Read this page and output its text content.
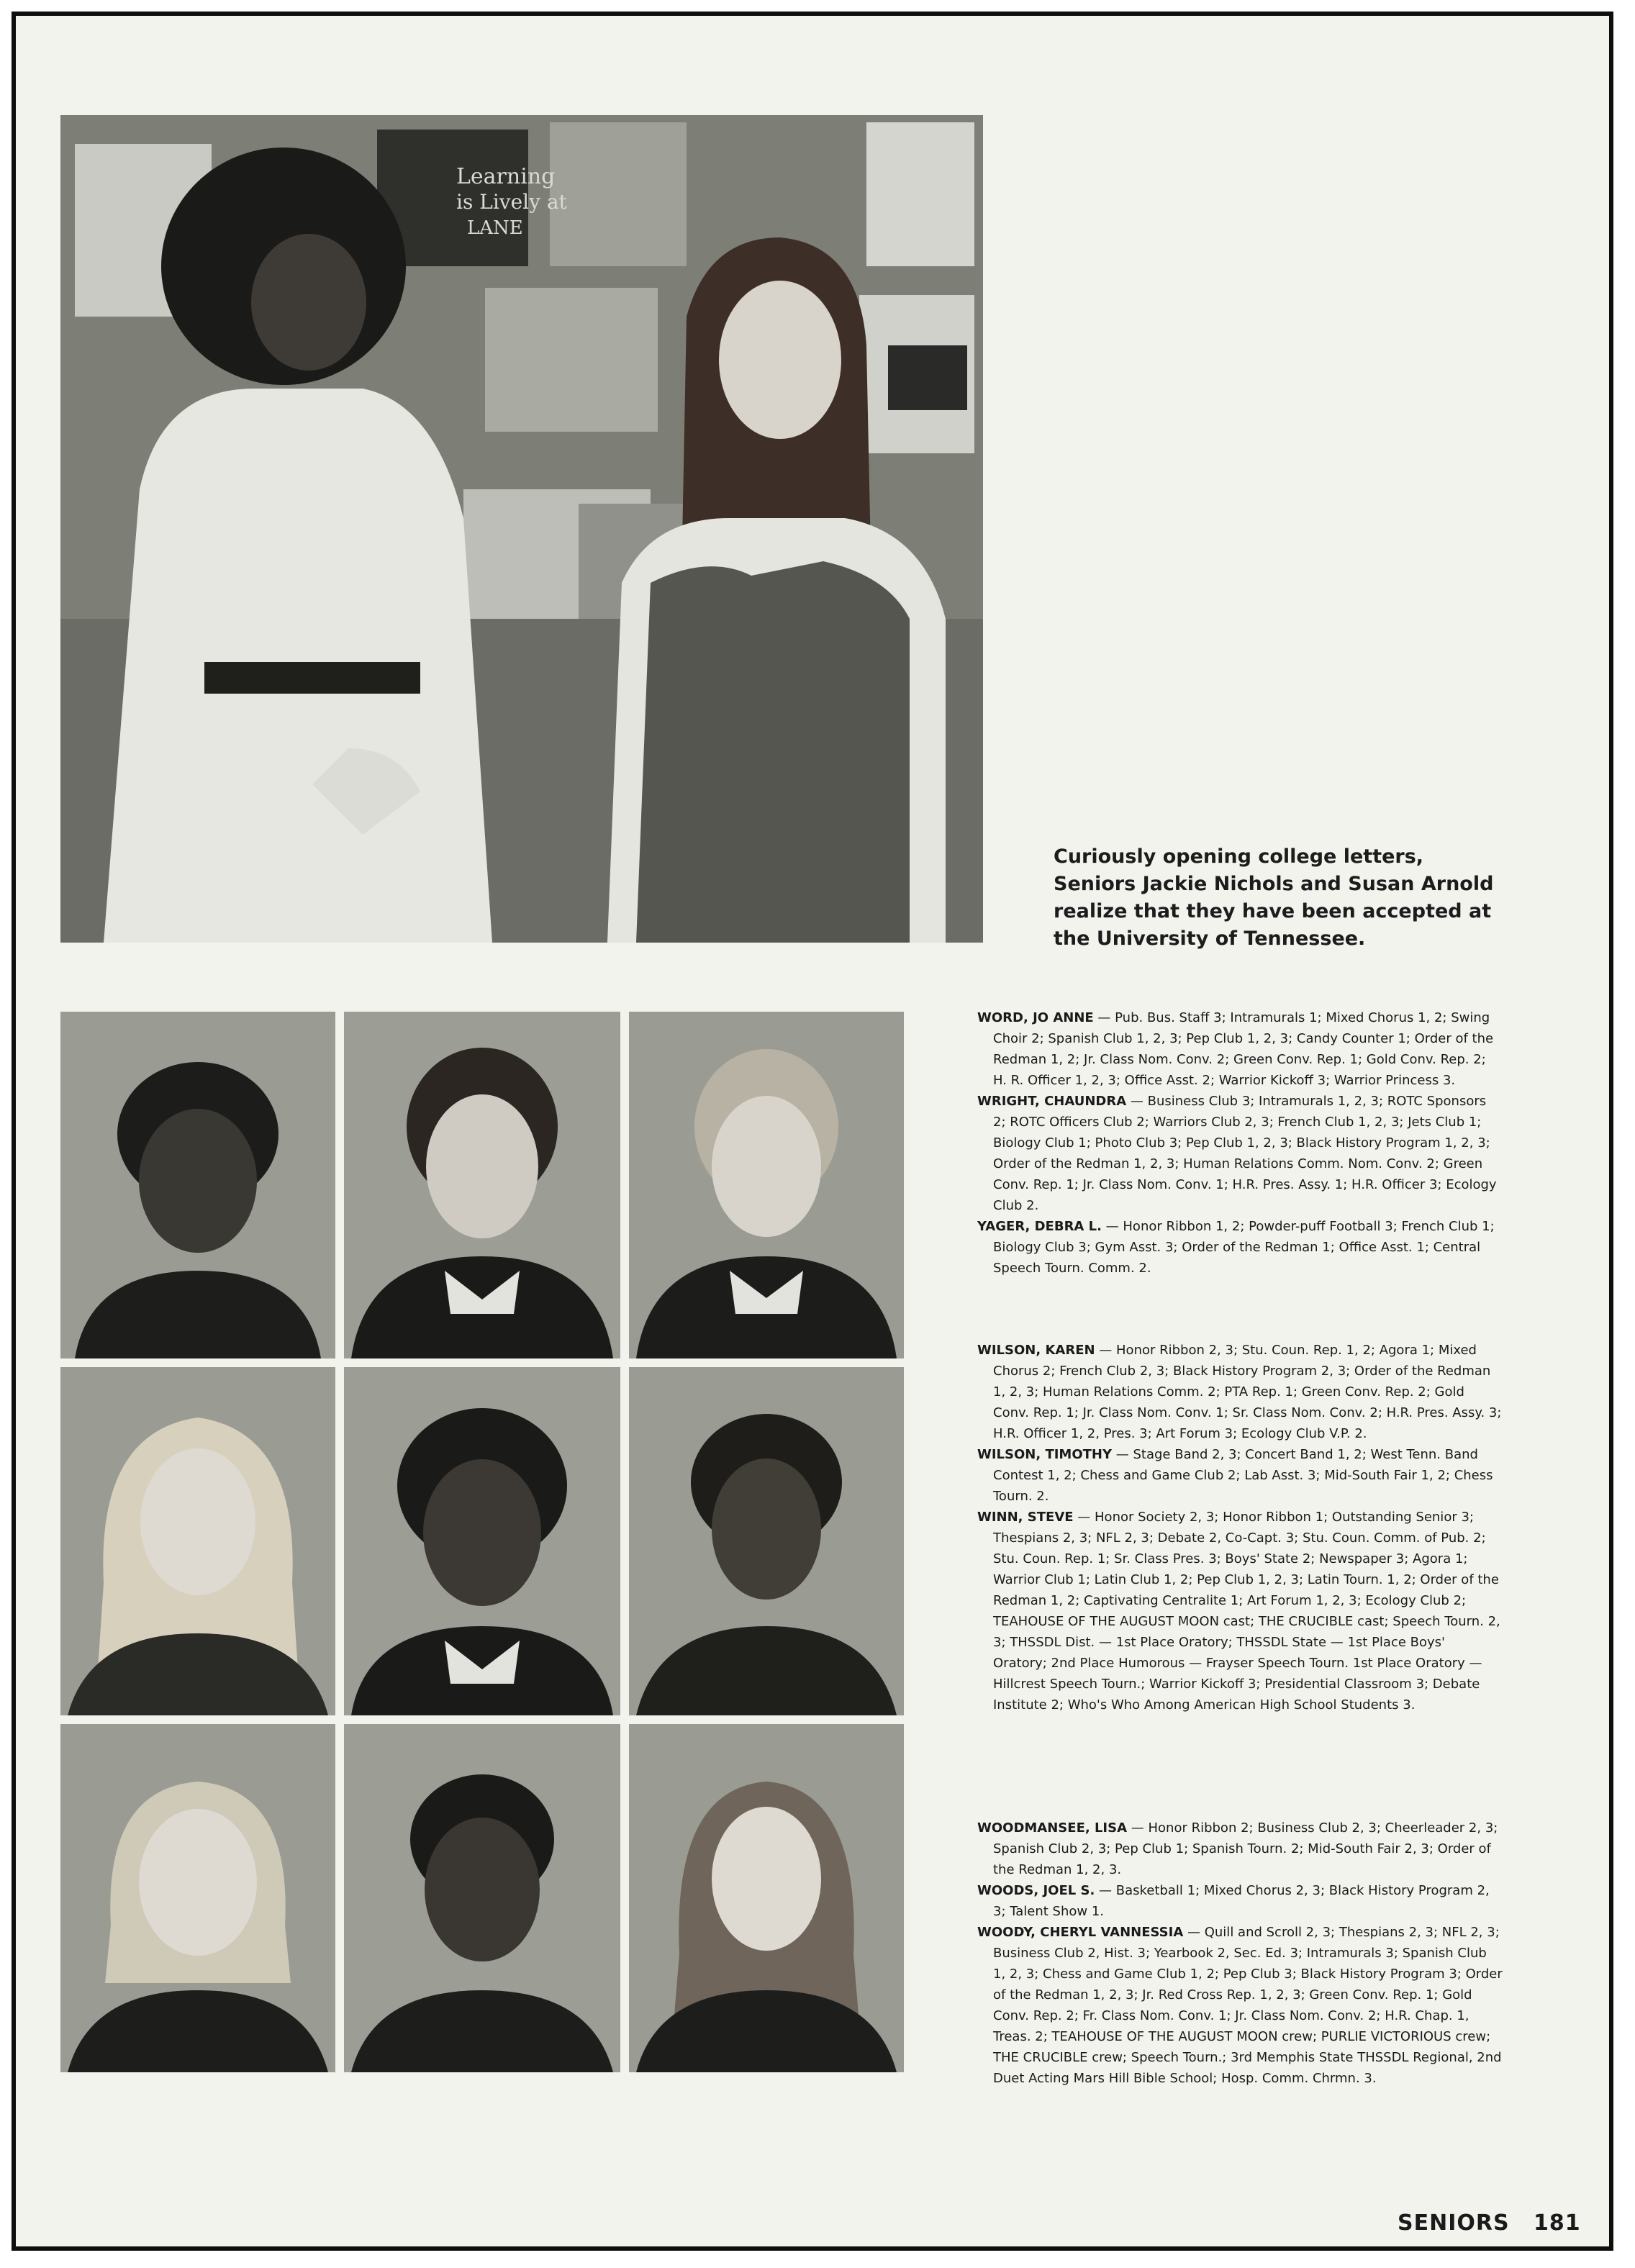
Learning
is Lively at
LANE

Curiously opening college letters, Seniors Jackie Nichols and Susan Arnold realize that they have been accepted at the University of Tennessee.

WORD, JO ANNE — Pub. Bus. Staff 3; Intramurals 1; Mixed Chorus 1, 2; Swing Choir 2; Spanish Club 1, 2, 3; Pep Club 1, 2, 3; Candy Counter 1; Order of the Redman 1, 2; Jr. Class Nom. Conv. 2; Green Conv. Rep. 1; Gold Conv. Rep. 2; H. R. Officer 1, 2, 3; Office Asst. 2; Warrior Kickoff 3; Warrior Princess 3.

WRIGHT, CHAUNDRA — Business Club 3; Intramurals 1, 2, 3; ROTC Sponsors 2; ROTC Officers Club 2; Warriors Club 2, 3; French Club 1, 2, 3; Jets Club 1; Biology Club 1; Photo Club 3; Pep Club 1, 2, 3; Black History Program 1, 2, 3; Order of the Redman 1, 2, 3; Human Relations Comm. Nom. Conv. 2; Green Conv. Rep. 1; Jr. Class Nom. Conv. 1; H.R. Pres. Assy. 1; H.R. Officer 3; Ecology Club 2.

YAGER, DEBRA L. — Honor Ribbon 1, 2; Powder-puff Football 3; French Club 1; Biology Club 3; Gym Asst. 3; Order of the Redman 1; Office Asst. 1; Central Speech Tourn. Comm. 2.

WILSON, KAREN — Honor Ribbon 2, 3; Stu. Coun. Rep. 1, 2; Agora 1; Mixed Chorus 2; French Club 2, 3; Black History Program 2, 3; Order of the Redman 1, 2, 3; Human Relations Comm. 2; PTA Rep. 1; Green Conv. Rep. 2; Gold Conv. Rep. 1; Jr. Class Nom. Conv. 1; Sr. Class Nom. Conv. 2; H.R. Pres. Assy. 3; H.R. Officer 1, 2, Pres. 3; Art Forum 3; Ecology Club V.P. 2.

WILSON, TIMOTHY — Stage Band 2, 3; Concert Band 1, 2; West Tenn. Band Contest 1, 2; Chess and Game Club 2; Lab Asst. 3; Mid-South Fair 1, 2; Chess Tourn. 2.

WINN, STEVE — Honor Society 2, 3; Honor Ribbon 1; Outstanding Senior 3; Thespians 2, 3; NFL 2, 3; Debate 2, Co-Capt. 3; Stu. Coun. Comm. of Pub. 2; Stu. Coun. Rep. 1; Sr. Class Pres. 3; Boys' State 2; Newspaper 3; Agora 1; Warrior Club 1; Latin Club 1, 2; Pep Club 1, 2, 3; Latin Tourn. 1, 2; Order of the Redman 1, 2; Captivating Centralite 1; Art Forum 1, 2, 3; Ecology Club 2; TEAHOUSE OF THE AUGUST MOON cast; THE CRUCIBLE cast; Speech Tourn. 2, 3; THSSDL Dist. — 1st Place Oratory; THSSDL State — 1st Place Boys' Oratory; 2nd Place Humorous — Frayser Speech Tourn. 1st Place Oratory — Hillcrest Speech Tourn.; Warrior Kickoff 3; Presidential Classroom 3; Debate Institute 2; Who's Who Among American High School Students 3.

WOODMANSEE, LISA — Honor Ribbon 2; Business Club 2, 3; Cheerleader 2, 3; Spanish Club 2, 3; Pep Club 1; Spanish Tourn. 2; Mid-South Fair 2, 3; Order of the Redman 1, 2, 3.

WOODS, JOEL S. — Basketball 1; Mixed Chorus 2, 3; Black History Program 2, 3; Talent Show 1.

WOODY, CHERYL VANNESSIA — Quill and Scroll 2, 3; Thespians 2, 3; NFL 2, 3; Business Club 2, Hist. 3; Yearbook 2, Sec. Ed. 3; Intramurals 3; Spanish Club 1, 2, 3; Chess and Game Club 1, 2; Pep Club 3; Black History Program 3; Order of the Redman 1, 2, 3; Jr. Red Cross Rep. 1, 2, 3; Green Conv. Rep. 1; Gold Conv. Rep. 2; Fr. Class Nom. Conv. 1; Jr. Class Nom. Conv. 2; H.R. Chap. 1, Treas. 2; TEAHOUSE OF THE AUGUST MOON crew; PURLIE VICTORIOUS crew; THE CRUCIBLE crew; Speech Tourn.; 3rd Memphis State THSSDL Regional, 2nd Duet Acting Mars Hill Bible School; Hosp. Comm. Chrmn. 3.

SENIORS 181
